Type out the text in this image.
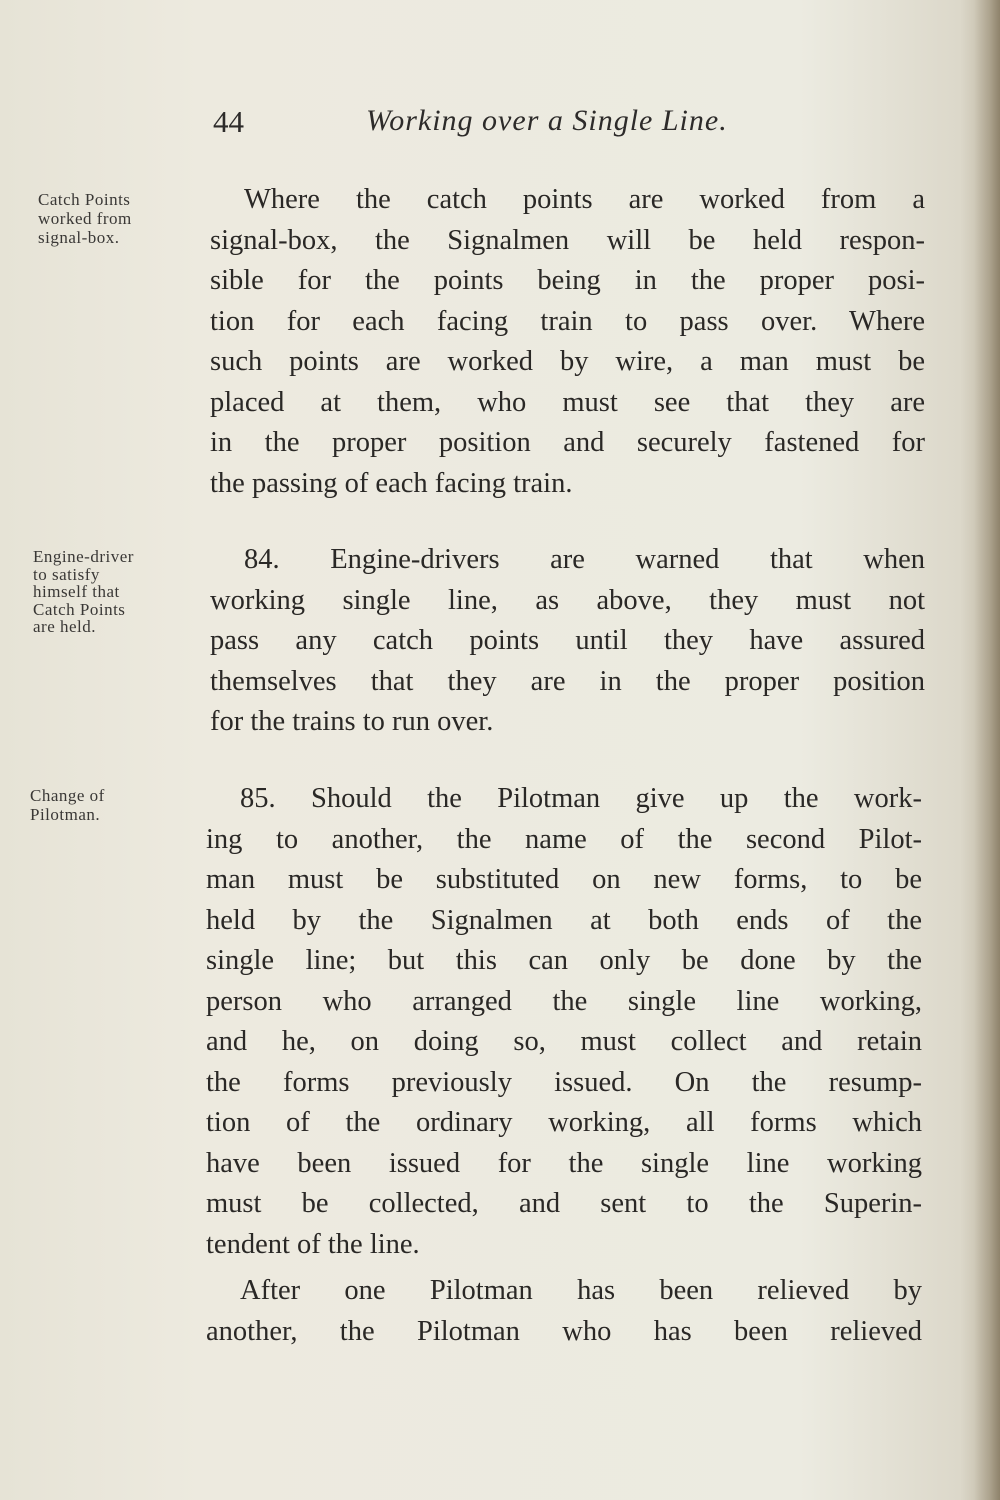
44	Working over a Single Line.
Catch Points
worked from
signal-box.
Engine-driver
to satisfy
himself that
Catch Points
are held.
Change of
Pilotman.
Where the catch points are worked from a
signal-box, the Signalmen will be held respon-
sible for the points being in the proper posi-
tion for each facing train to pass over. Where
such points are worked by wire, a man must be
placed at them, who must see that they are
in the proper position and securely fastened for
the passing of each facing train.
84. Engine-drivers are warned that when
working single line, as above, they must not
pass any catch points until they have assured
themselves that they are in the proper position
for the trains to run over.
85. Should the Pilotman give up the work-
ing to another, the name of the second Pilot-
man must be substituted on new forms, to be
held by the Signalmen at both ends of the
single line; but this can only be done by the
person who arranged the single line working,
and he, on doing so, must collect and retain
the forms previously issued. On the resump-
tion of the ordinary working, all forms which
have been issued for the single line working
must be collected, and sent to the Superin-
tendent of the line.
After one Pilotman has been relieved by
another, the Pilotman who has been relieved
